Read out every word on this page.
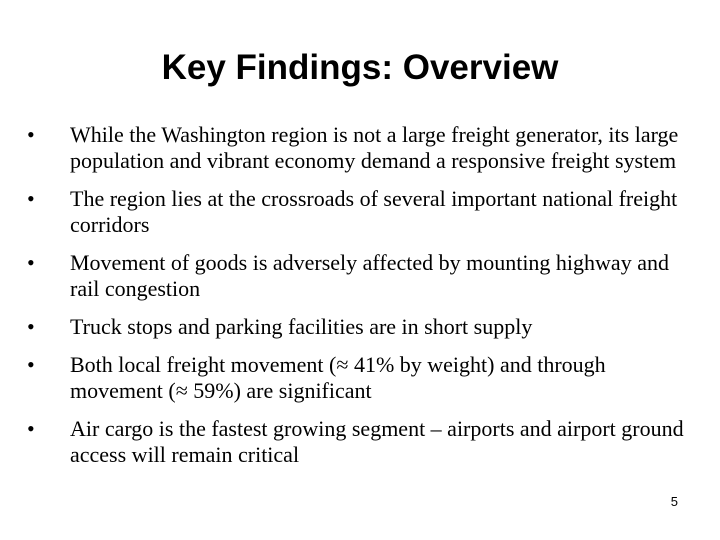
Key Findings: Overview
•	While the Washington region is not a large freight generator, its large population and vibrant economy demand a responsive freight system
•	The region lies at the crossroads of several important national freight corridors
•	Movement of goods is adversely affected by mounting highway and rail congestion
•	Truck stops and parking facilities are in short supply
•	Both local freight movement (≈ 41% by weight) and through movement (≈ 59%) are significant
•	Air cargo is the fastest growing segment – airports and airport ground access will remain critical
5
